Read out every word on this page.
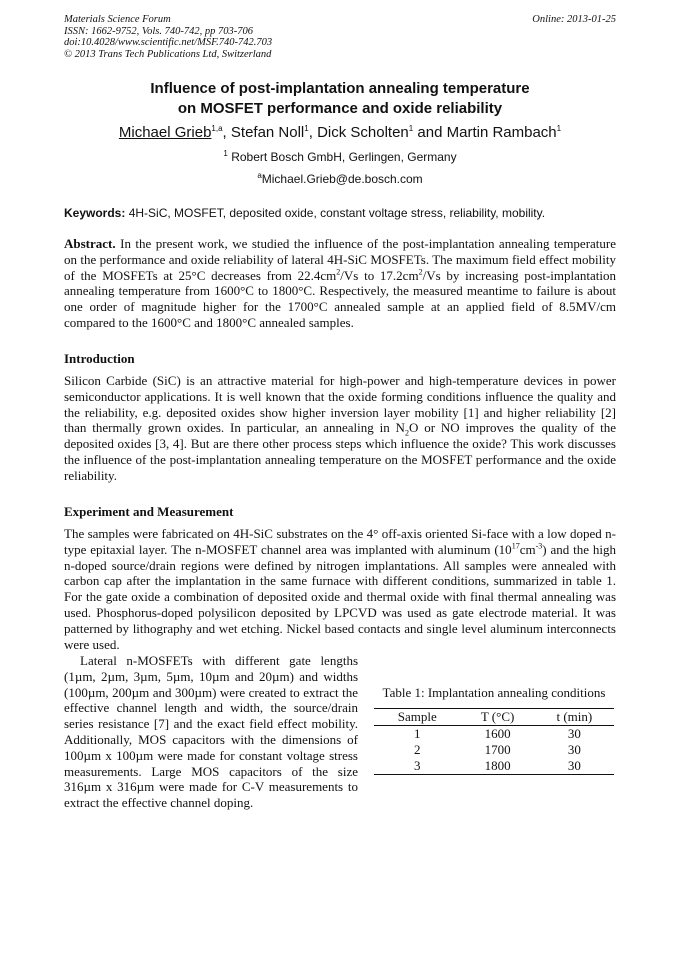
Materials Science Forum
ISSN: 1662-9752, Vols. 740-742, pp 703-706
doi:10.4028/www.scientific.net/MSF.740-742.703
© 2013 Trans Tech Publications Ltd, Switzerland
Online: 2013-01-25
Influence of post-implantation annealing temperature
on MOSFET performance and oxide reliability
Michael Grieb$^{1,a}$, Stefan Noll$^1$, Dick Scholten$^1$ and Martin Rambach$^1$
$^1$ Robert Bosch GmbH, Gerlingen, Germany
$^a$Michael.Grieb@de.bosch.com
Keywords: 4H-SiC, MOSFET, deposited oxide, constant voltage stress, reliability, mobility.
Abstract. In the present work, we studied the influence of the post-implantation annealing temperature on the performance and oxide reliability of lateral 4H-SiC MOSFETs. The maximum field effect mobility of the MOSFETs at 25°C decreases from $22.4cm^2/Vs$ to $17.2cm^2/Vs$ by increasing post-implantation annealing temperature from 1600°C to 1800°C. Respectively, the measured meantime to failure is about one order of magnitude higher for the 1700°C annealed sample at an applied field of 8.5MV/cm compared to the 1600°C and 1800°C annealed samples.
Introduction
Silicon Carbide (SiC) is an attractive material for high-power and high-temperature devices in power semiconductor applications. It is well known that the oxide forming conditions influence the quality and the reliability, e.g. deposited oxides show higher inversion layer mobility [1] and higher reliability [2] than thermally grown oxides. In particular, an annealing in $N_2O$ or NO improves the quality of the deposited oxides [3, 4]. But are there other process steps which influence the oxide? This work discusses the influence of the post-implantation annealing temperature on the MOSFET performance and the oxide reliability.
Experiment and Measurement
The samples were fabricated on 4H-SiC substrates on the 4° off-axis oriented Si-face with a low doped n-type epitaxial layer. The n-MOSFET channel area was implanted with aluminum $(10^{17}cm^{-3})$ and the high n-doped source/drain regions were defined by nitrogen implantations. All samples were annealed with carbon cap after the implantation in the same furnace with different conditions, summarized in table 1. For the gate oxide a combination of deposited oxide and thermal oxide with final thermal annealing was used. Phosphorus-doped polysilicon deposited by LPCVD was used as gate electrode material. It was patterned by lithography and wet etching. Nickel based contacts and single level aluminum interconnects were used.
Lateral n-MOSFETs with different gate lengths (1µm, 2µm, 3µm, 5µm, 10µm and 20µm) and widths (100µm, 200µm and 300µm) were created to extract the effective channel length and width, the source/drain series resistance [7] and the exact field effect mobility. Additionally, MOS capacitors with the dimensions of 100µm x 100µm were made for constant voltage stress measurements. Large MOS capacitors of the size 316µm x 316µm were made for C-V measurements to extract the effective channel doping.
Table 1: Implantation annealing conditions
Sample	T (°C)	t (min)
1	1600	30
2	1700	30
3	1800	30
